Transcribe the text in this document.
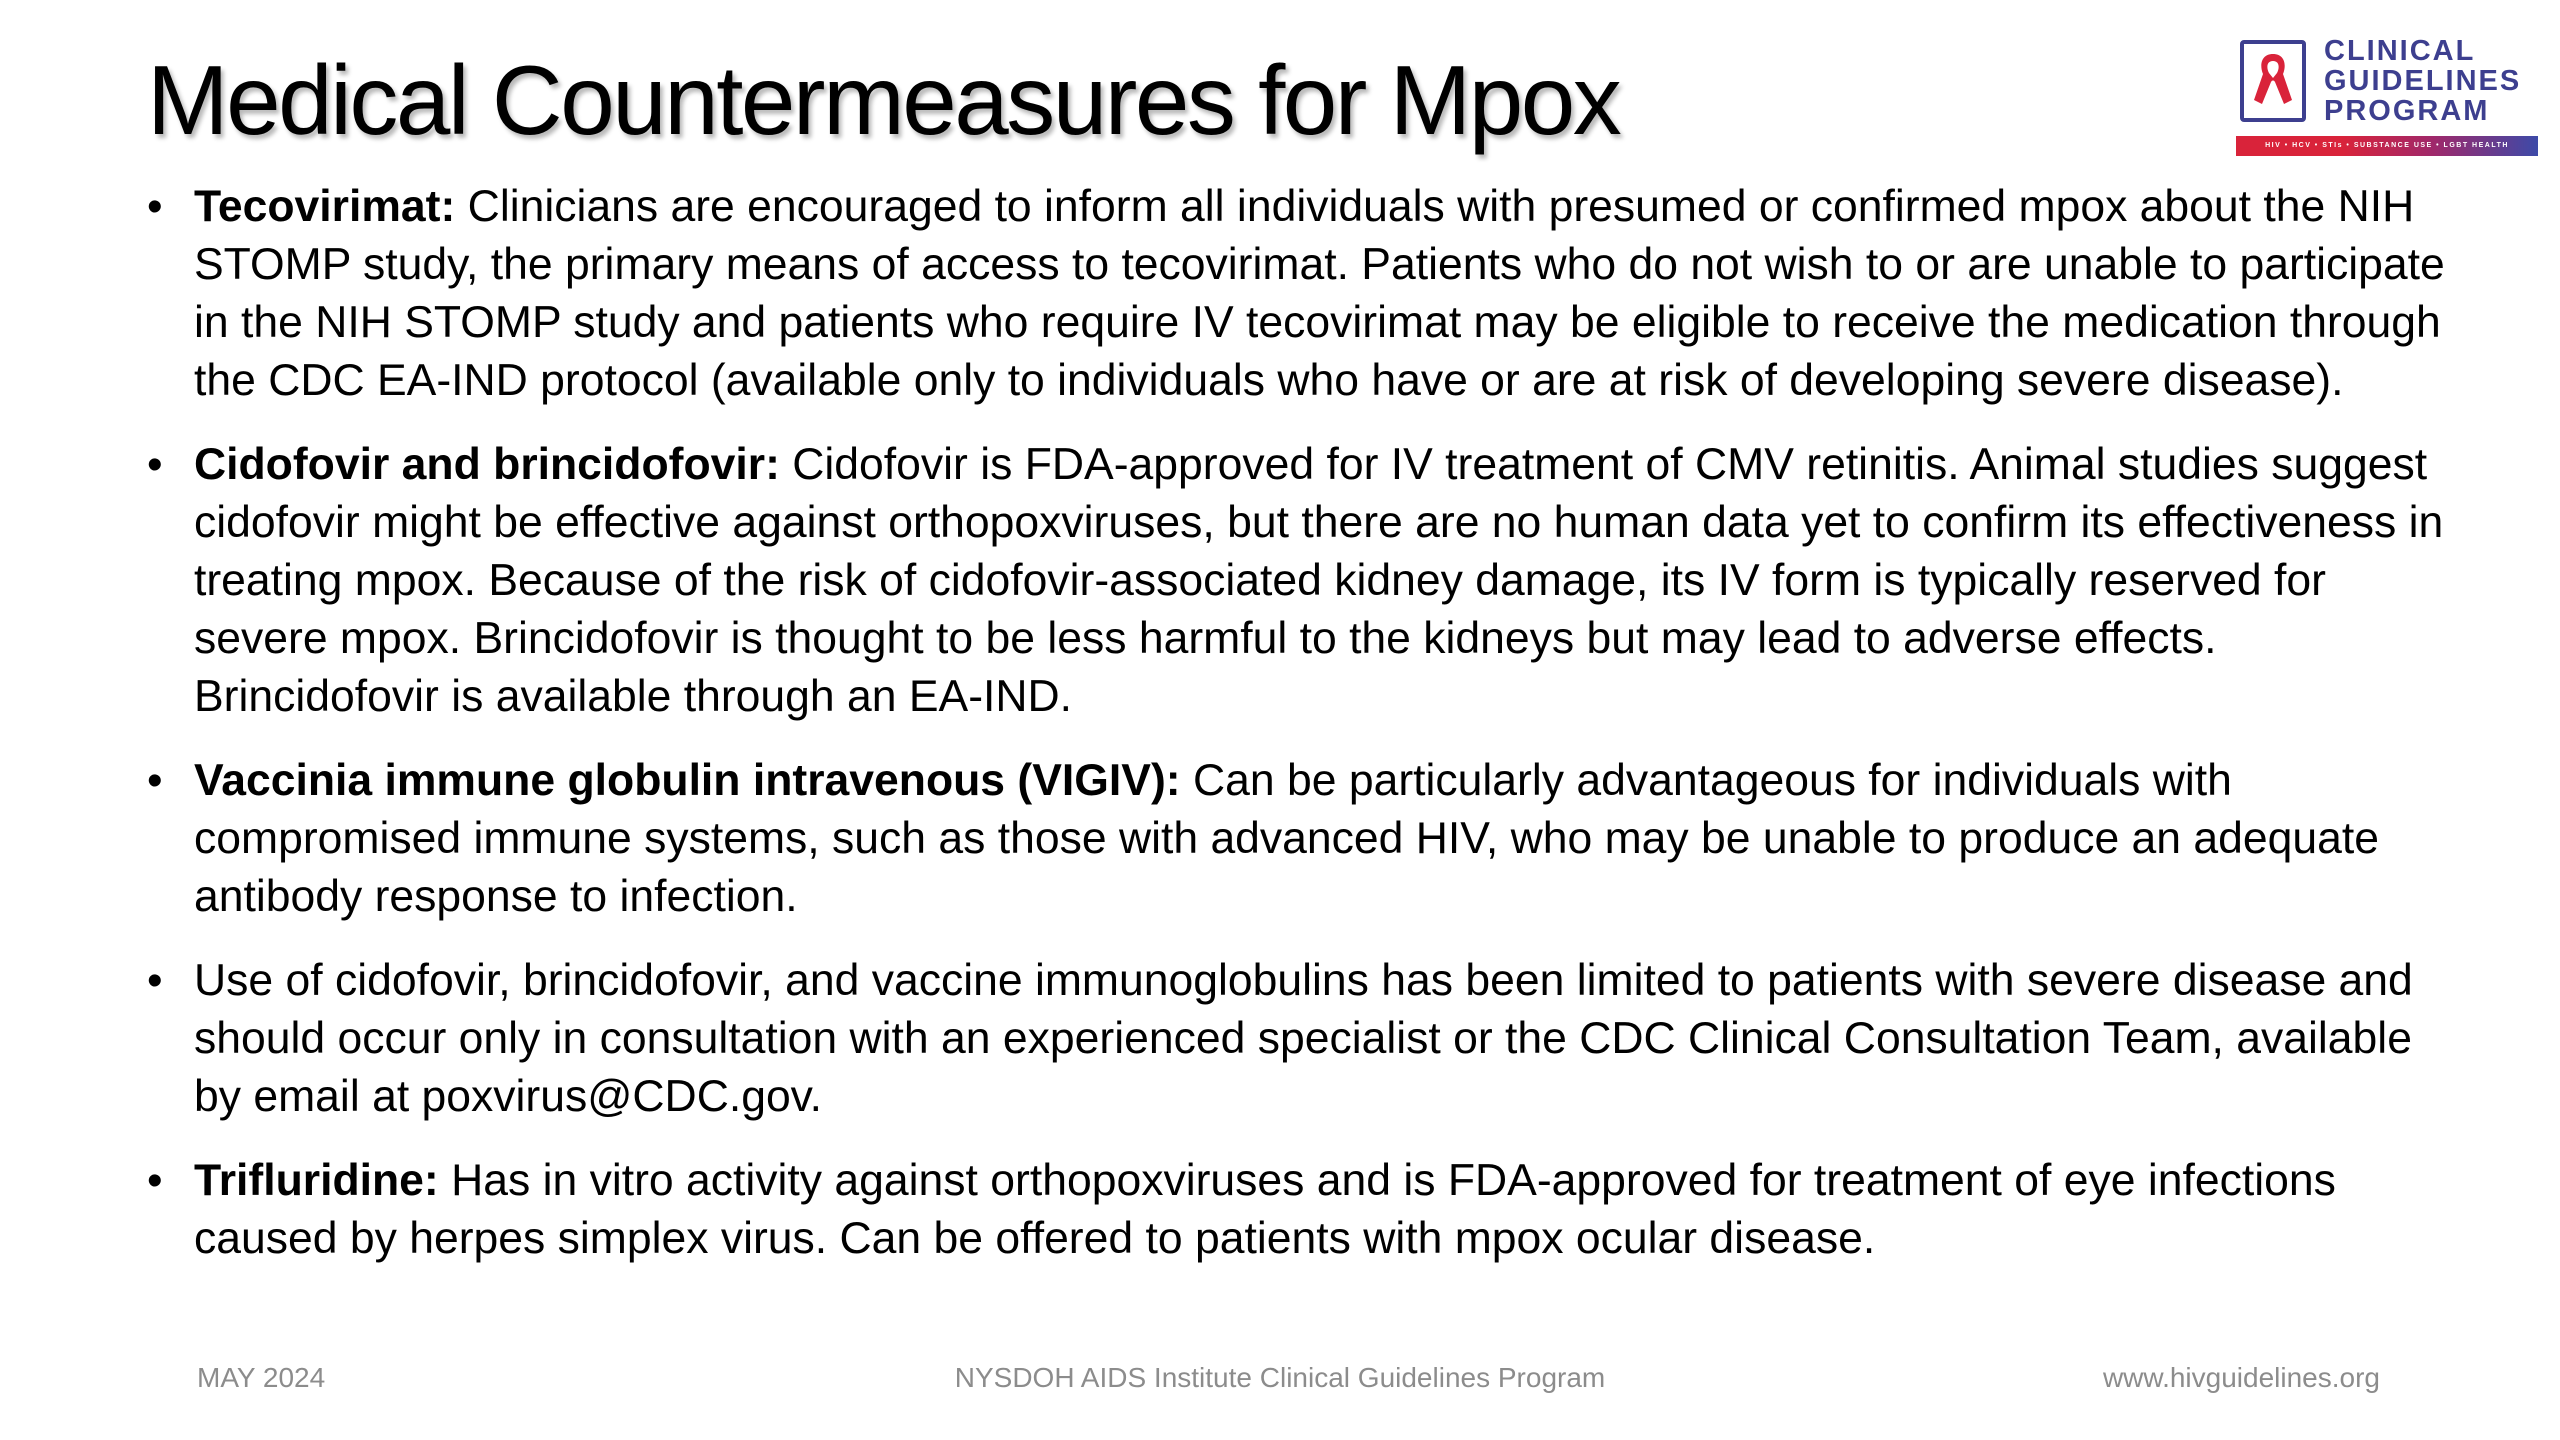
Medical Countermeasures for Mpox	CLINICAL
GUIDELINES
PROGRAM
HIV • HCV • STIs • SUBSTANCE USE • LGBT HEALTH
• Tecovirimat: Clinicians are encouraged to inform all individuals with presumed or confirmed mpox about the NIH STOMP study, the primary means of access to tecovirimat. Patients who do not wish to or are unable to participate in the NIH STOMP study and patients who require IV tecovirimat may be eligible to receive the medication through the CDC EA-IND protocol (available only to individuals who have or are at risk of developing severe disease).
• Cidofovir and brincidofovir: Cidofovir is FDA-approved for IV treatment of CMV retinitis. Animal studies suggest cidofovir might be effective against orthopoxviruses, but there are no human data yet to confirm its effectiveness in treating mpox. Because of the risk of cidofovir-associated kidney damage, its IV form is typically reserved for severe mpox. Brincidofovir is thought to be less harmful to the kidneys but may lead to adverse effects. Brincidofovir is available through an EA-IND.
• Vaccinia immune globulin intravenous (VIGIV): Can be particularly advantageous for individuals with compromised immune systems, such as those with advanced HIV, who may be unable to produce an adequate antibody response to infection.
• Use of cidofovir, brincidofovir, and vaccine immunoglobulins has been limited to patients with severe disease and should occur only in consultation with an experienced specialist or the CDC Clinical Consultation Team, available by email at poxvirus@CDC.gov.
• Trifluridine: Has in vitro activity against orthopoxviruses and is FDA-approved for treatment of eye infections caused by herpes simplex virus. Can be offered to patients with mpox ocular disease.
MAY 2024	NYSDOH AIDS Institute Clinical Guidelines Program	www.hivguidelines.org
